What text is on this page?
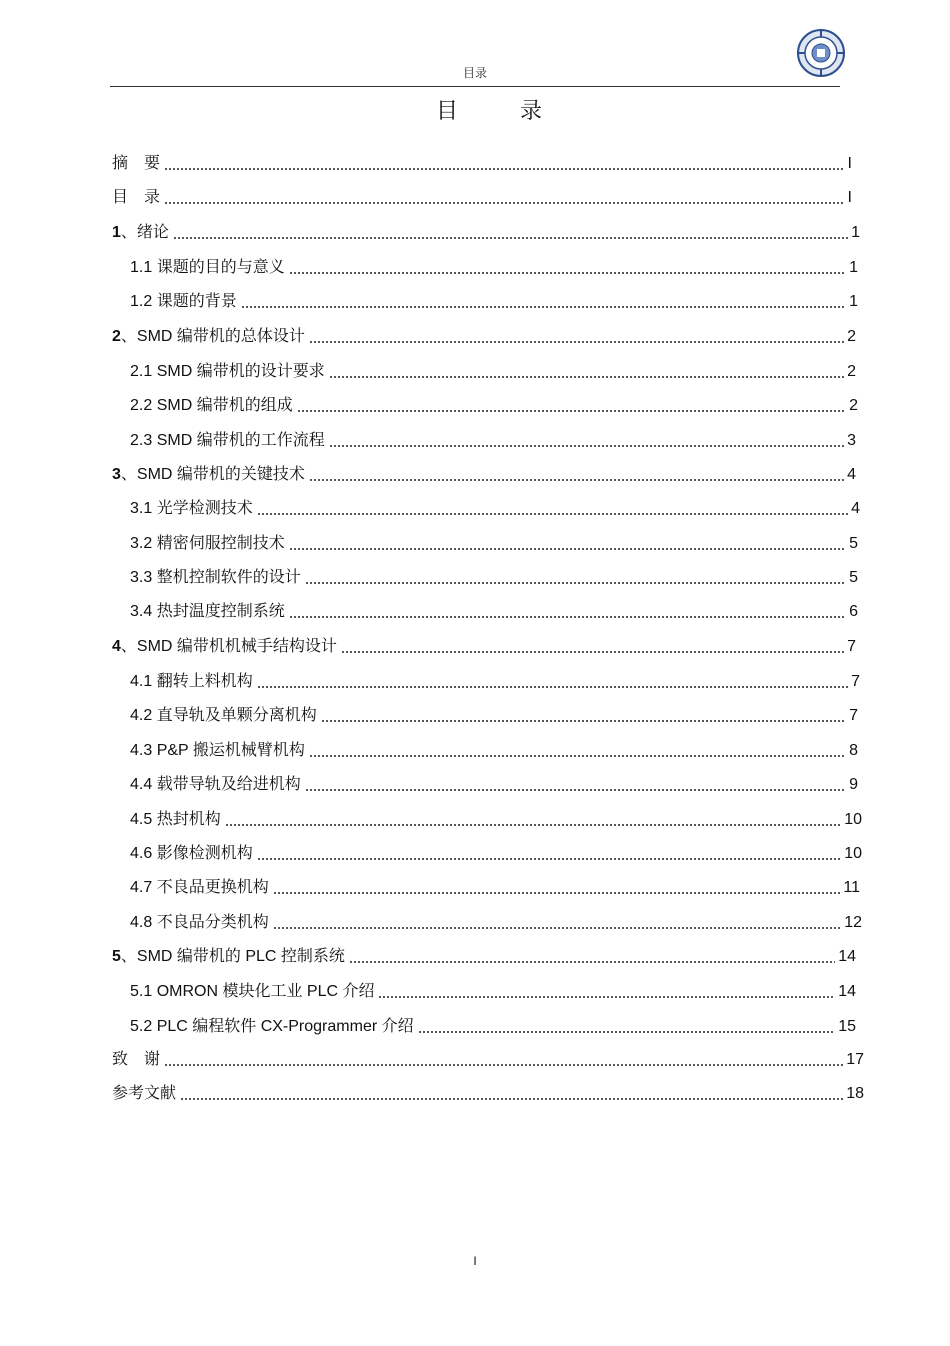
目录
目 录
摘　要	I
目　录	I
1、绪论	1
1.1 课题的目的与意义	1
1.2 课题的背景	1
2、SMD 编带机的总体设计	2
2.1 SMD 编带机的设计要求	2
2.2 SMD 编带机的组成	2
2.3 SMD 编带机的工作流程	3
3、SMD 编带机的关键技术	4
3.1 光学检测技术	4
3.2 精密伺服控制技术	5
3.3 整机控制软件的设计	5
3.4 热封温度控制系统	6
4、SMD 编带机机械手结构设计	7
4.1 翻转上料机构	7
4.2 直导轨及单颗分离机构	7
4.3 P&P 搬运机械臂机构	8
4.4 载带导轨及给进机构	9
4.5 热封机构	10
4.6 影像检测机构	10
4.7 不良品更换机构	11
4.8 不良品分类机构	12
5、SMD 编带机的 PLC 控制系统	14
5.1 OMRON 模块化工业 PLC 介绍	14
5.2 PLC 编程软件 CX-Programmer 介绍	15
致　谢	17
参考文献	18
I
